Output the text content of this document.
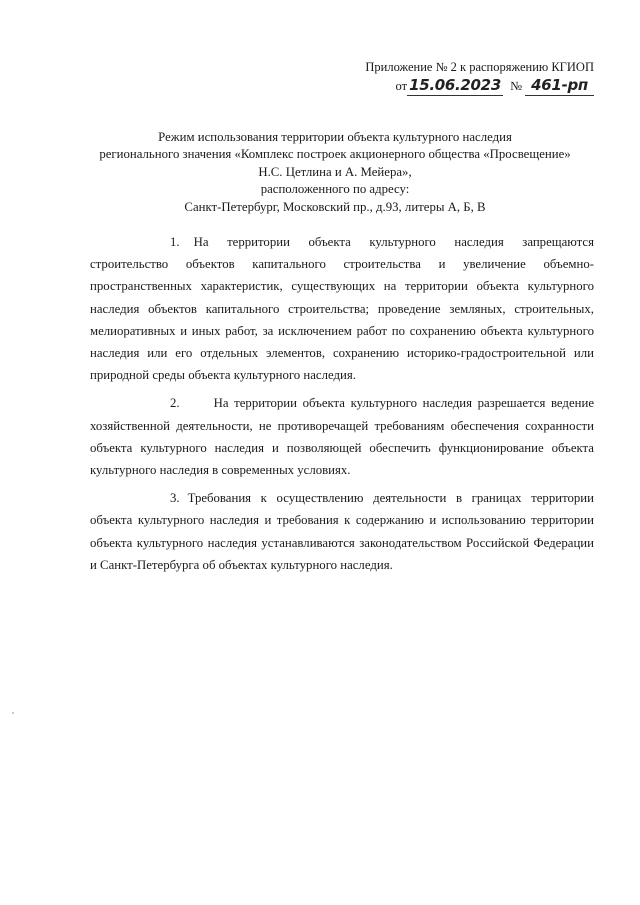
Приложение № 2 к распоряжению КГИОП
от 15.06.2023 № 461-рп
Режим использования территории объекта культурного наследия
регионального значения «Комплекс построек акционерного общества «Просвещение»
Н.С. Цетлина и А. Мейера»,
расположенного по адресу:
Санкт-Петербург, Московский пр., д.93, литеры А, Б, В

1. На территории объекта культурного наследия запрещаются строительство объектов капитального строительства и увеличение объемно-пространственных характеристик, существующих на территории объекта культурного наследия объектов капитального строительства; проведение земляных, строительных, мелиоративных и иных работ, за исключением работ по сохранению объекта культурного наследия или его отдельных элементов, сохранению историко-градостроительной или природной среды объекта культурного наследия.

2.	На территории объекта культурного наследия разрешается ведение хозяйственной деятельности, не противоречащей требованиям обеспечения сохранности объекта культурного наследия и позволяющей обеспечить функционирование объекта культурного наследия в современных условиях.

3. Требования к осуществлению деятельности в границах территории объекта культурного наследия и требования к содержанию и использованию территории объекта культурного наследия устанавливаются законодательством Российской Федерации и Санкт-Петербурга об объектах культурного наследия.
